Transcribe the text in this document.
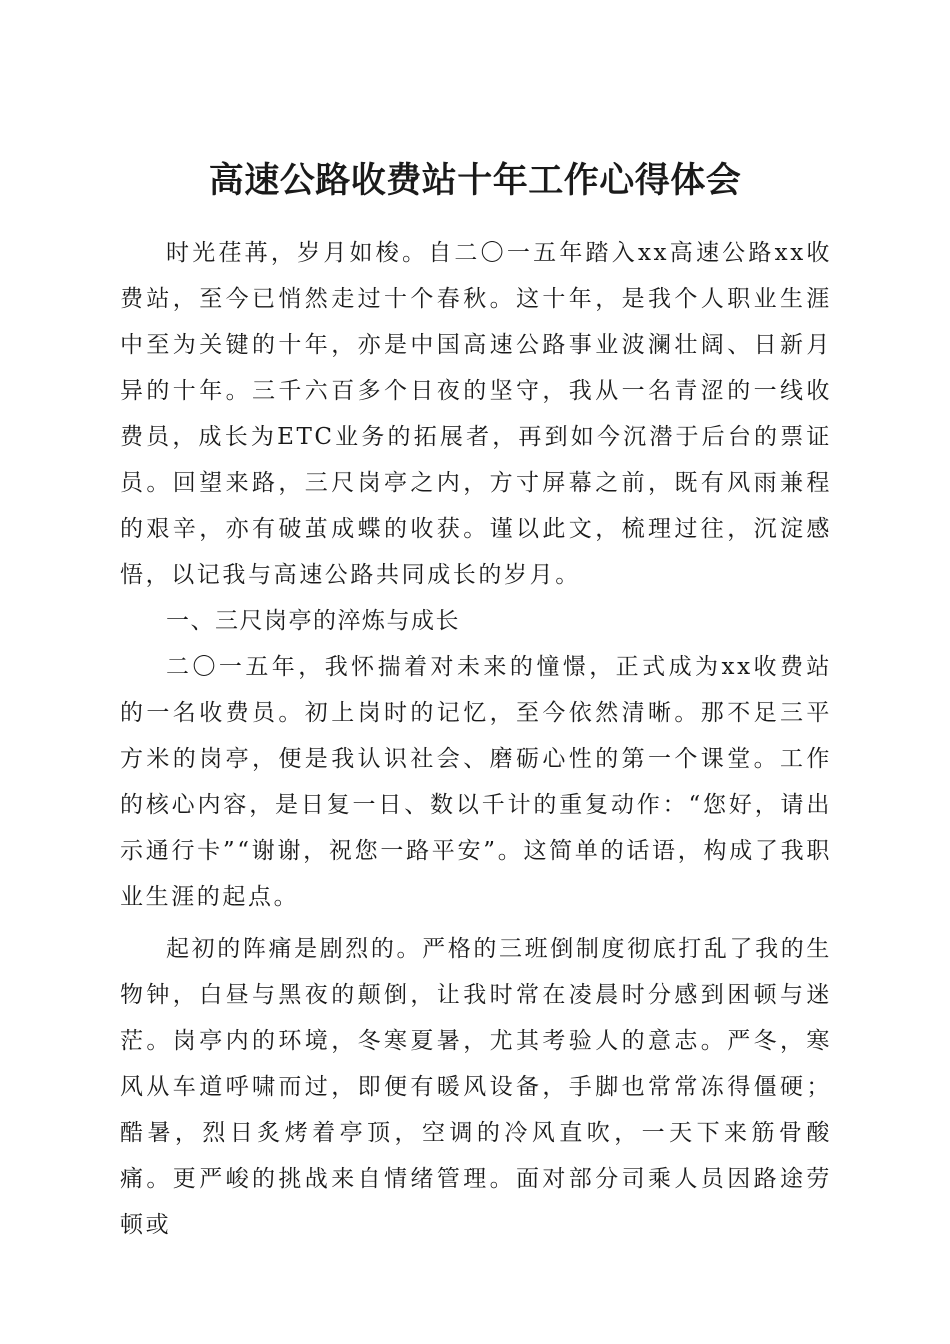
高速公路收费站十年工作心得体会

时光荏苒，岁月如梭。自二〇一五年踏入xx高速公路xx收费站，至今已悄然走过十个春秋。这十年，是我个人职业生涯中至为关键的十年，亦是中国高速公路事业波澜壮阔、日新月异的十年。三千六百多个日夜的坚守，我从一名青涩的一线收费员，成长为ETC业务的拓展者，再到如今沉潜于后台的票证员。回望来路，三尺岗亭之内，方寸屏幕之前，既有风雨兼程的艰辛，亦有破茧成蝶的收获。谨以此文，梳理过往，沉淀感悟，以记我与高速公路共同成长的岁月。

一、三尺岗亭的淬炼与成长

二〇一五年，我怀揣着对未来的憧憬，正式成为xx收费站的一名收费员。初上岗时的记忆，至今依然清晰。那不足三平方米的岗亭，便是我认识社会、磨砺心性的第一个课堂。工作的核心内容，是日复一日、数以千计的重复动作：“您好，请出示通行卡”“谢谢，祝您一路平安”。这简单的话语，构成了我职业生涯的起点。

起初的阵痛是剧烈的。严格的三班倒制度彻底打乱了我的生物钟，白昼与黑夜的颠倒，让我时常在凌晨时分感到困顿与迷茫。岗亭内的环境，冬寒夏暑，尤其考验人的意志。严冬，寒风从车道呼啸而过，即便有暖风设备，手脚也常常冻得僵硬；酷暑，烈日炙烤着亭顶，空调的冷风直吹，一天下来筋骨酸痛。更严峻的挑战来自情绪管理。面对部分司乘人员因路途劳顿或
